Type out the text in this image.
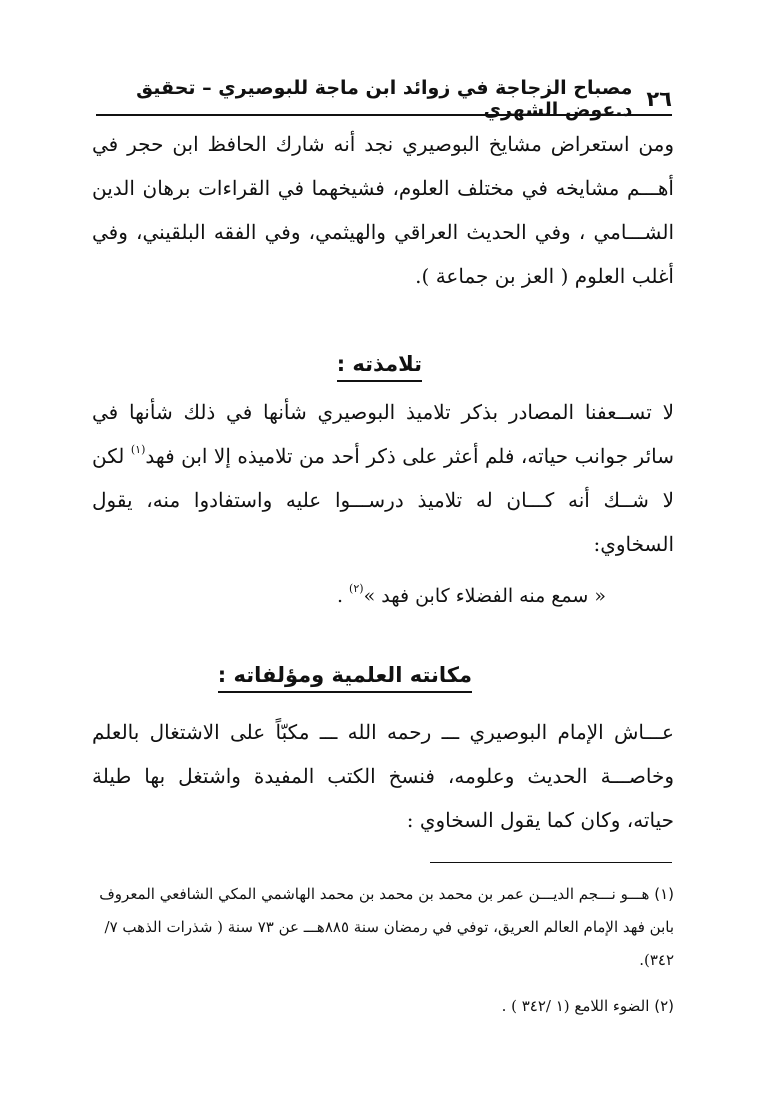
٢٦
مصباح الزجاجة في زوائد ابن ماجة للبوصيري – تحقيق د.عوض الشهري

ومن استعراض مشايخ البوصيري نجد أنه شارك الحافظ ابن حجر في أهـــم مشايخه في مختلف العلوم، فشيخهما في القراءات برهان الدين الشـــامي ، وفي الحديث العراقي والهيثمي، وفي الفقه البلقيني، وفي أغلب العلوم ( العز بن جماعة ).

تلامذته :

لا تســعفنا المصادر بذكر تلاميذ البوصيري شأنها في ذلك شأنها في سائر جوانب حياته، فلم أعثر على ذكر أحد من تلاميذه إلا ابن فهد$^{(١)}$ لكن لا شــك أنه كـــان له تلاميذ درســـوا عليه واستفادوا منه، يقول السخاوي:

« سمع منه الفضلاء كابن فهد »$^{(٢)}$ .
مكانته العلمية ومؤلفاته :

عـــاش الإمام البوصيري ـــ رحمه الله ـــ مكبّاً على الاشتغال بالعلم وخاصـــة الحديث وعلومه، فنسخ الكتب المفيدة واشتغل بها طيلة حياته، وكان كما يقول السخاوي :

(١) هـــو نـــجم الديـــن عمر بن محمد بن محمد بن محمد الهاشمي المكي الشافعي المعروف بابن فهد الإمام العالم العريق، توفي في رمضان سنة ٨٨٥هـــ عن ٧٣ سنة ( شذرات الذهب ٧/ ٣٤٢).

(٢) الضوء اللامع (١ /٣٤٢ ) .
